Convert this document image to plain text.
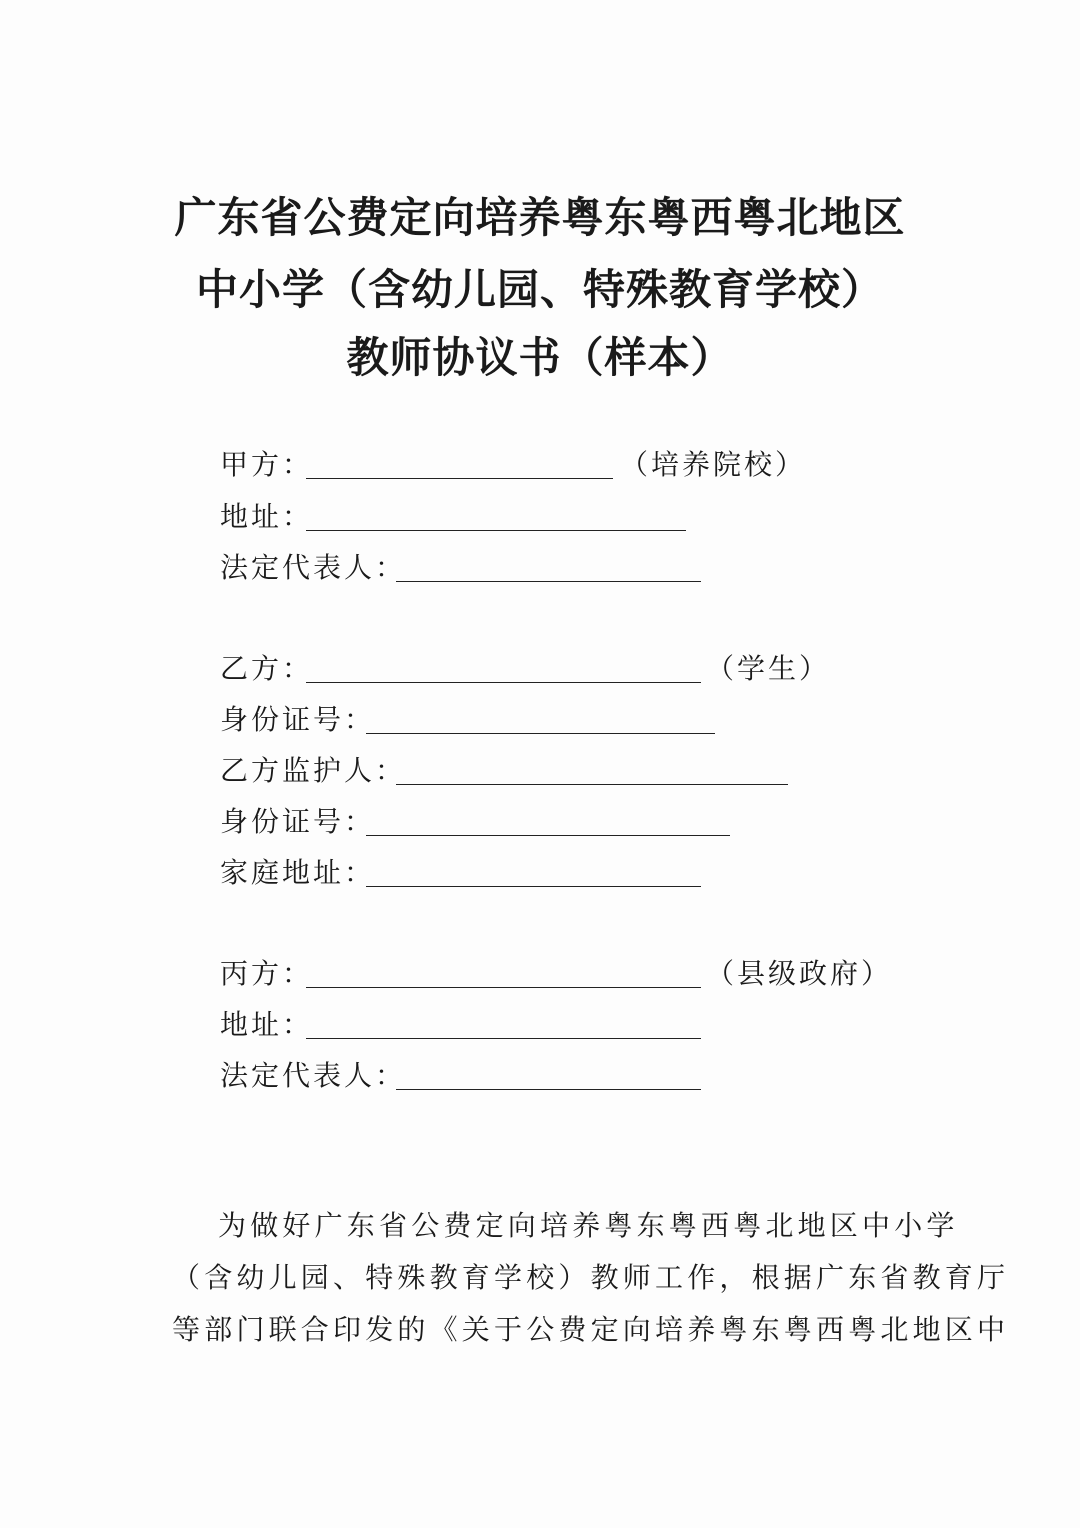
广东省公费定向培养粤东粤西粤北地区
中小学（含幼儿园、特殊教育学校）
教师协议书（样本）
甲方：	（培养院校）
地址：
法定代表人：
乙方：	（学生）
身份证号：
乙方监护人：
身份证号：
家庭地址：
丙方：	（县级政府）
地址：
法定代表人：
为做好广东省公费定向培养粤东粤西粤北地区中小学
（含幼儿园、特殊教育学校）教师工作，根据广东省教育厅
等部门联合印发的《关于公费定向培养粤东粤西粤北地区中
